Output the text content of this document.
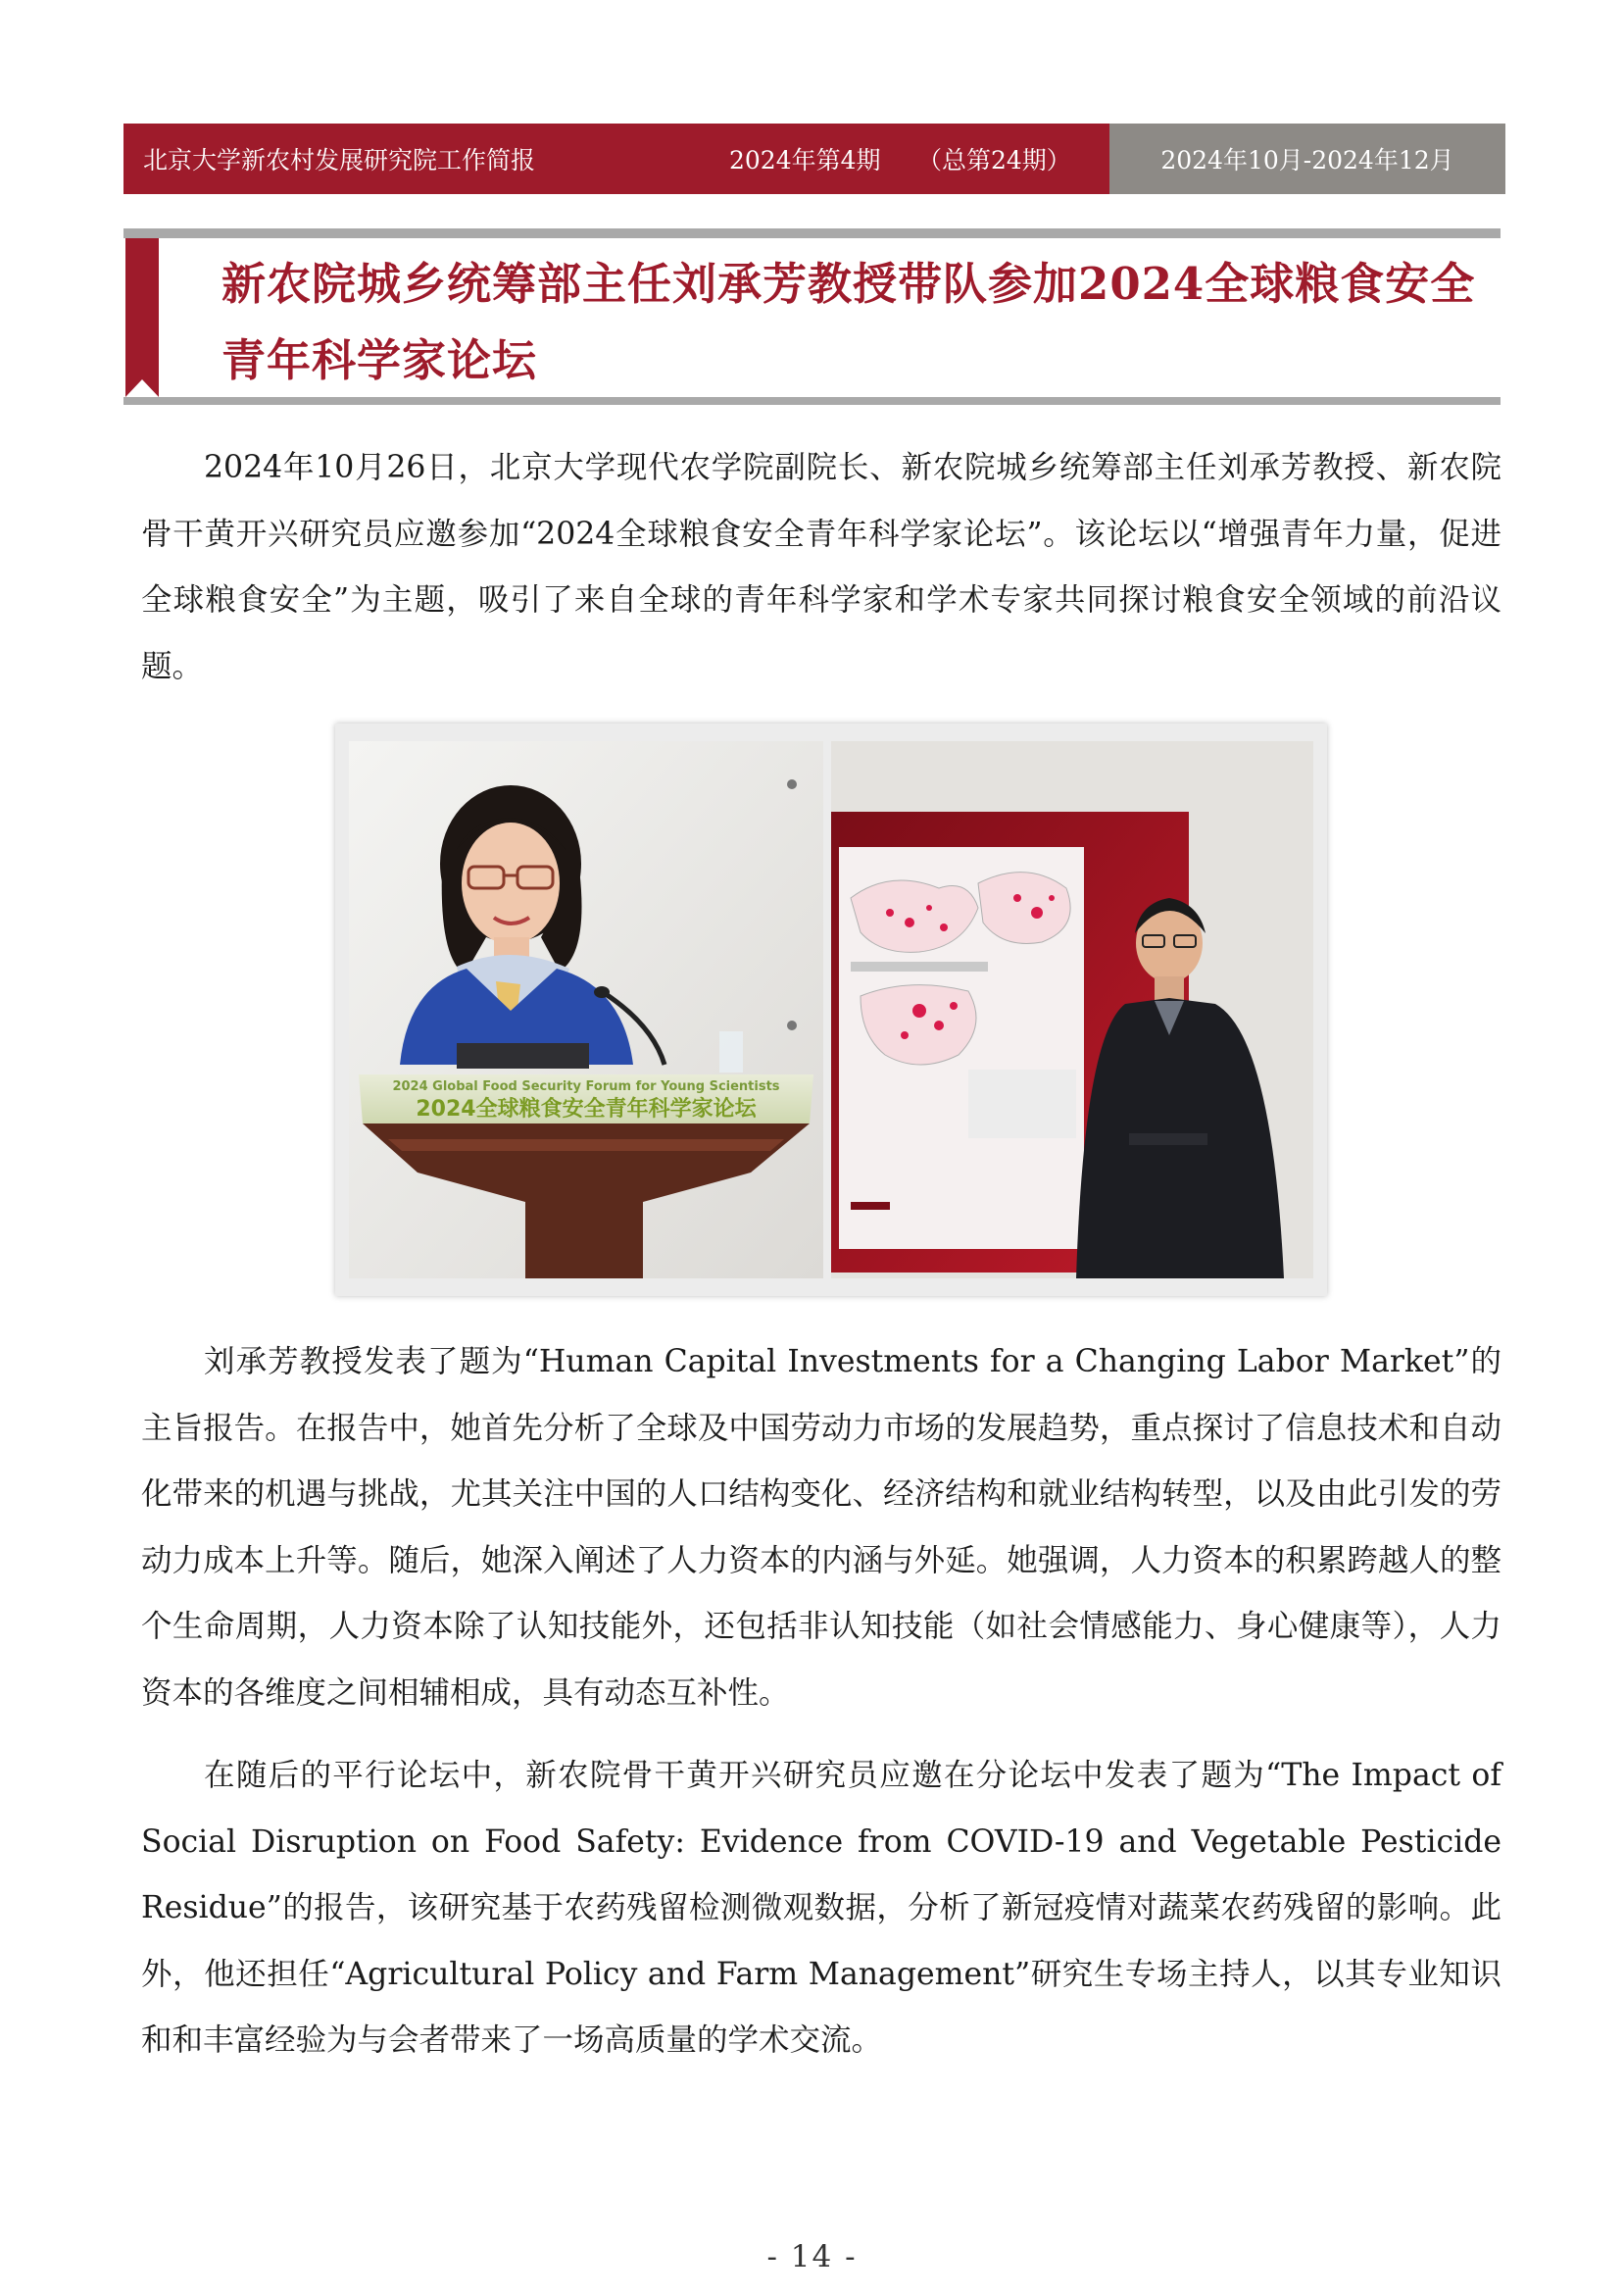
北京大学新农村发展研究院工作简报	2024年第4期 （总第24期）	2024年10月-2024年12月
新农院城乡统筹部主任刘承芳教授带队参加2024全球粮食安全青年科学家论坛

2024年10月26日，北京大学现代农学院副院长、新农院城乡统筹部主任刘承芳教授、新农院骨干黄开兴研究员应邀参加“2024全球粮食安全青年科学家论坛”。该论坛以“增强青年力量，促进全球粮食安全”为主题，吸引了来自全球的青年科学家和学术专家共同探讨粮食安全领域的前沿议题。

2024 Global Food Security Forum for Young Scientists
2024全球粮食安全青年科学家论坛

刘承芳教授发表了题为“Human Capital Investments for a Changing Labor Market”的主旨报告。在报告中，她首先分析了全球及中国劳动力市场的发展趋势，重点探讨了信息技术和自动化带来的机遇与挑战，尤其关注中国的人口结构变化、经济结构和就业结构转型，以及由此引发的劳动力成本上升等。随后，她深入阐述了人力资本的内涵与外延。她强调，人力资本的积累跨越人的整个生命周期，人力资本除了认知技能外，还包括非认知技能（如社会情感能力、身心健康等），人力资本的各维度之间相辅相成，具有动态互补性。

在随后的平行论坛中，新农院骨干黄开兴研究员应邀在分论坛中发表了题为“The Impact of Social Disruption on Food Safety: Evidence from COVID-19 and Vegetable Pesticide Residue”的报告，该研究基于农药残留检测微观数据，分析了新冠疫情对蔬菜农药残留的影响。此外，他还担任“Agricultural Policy and Farm Management”研究生专场主持人，以其专业知识和和丰富经验为与会者带来了一场高质量的学术交流。

- 14 -
